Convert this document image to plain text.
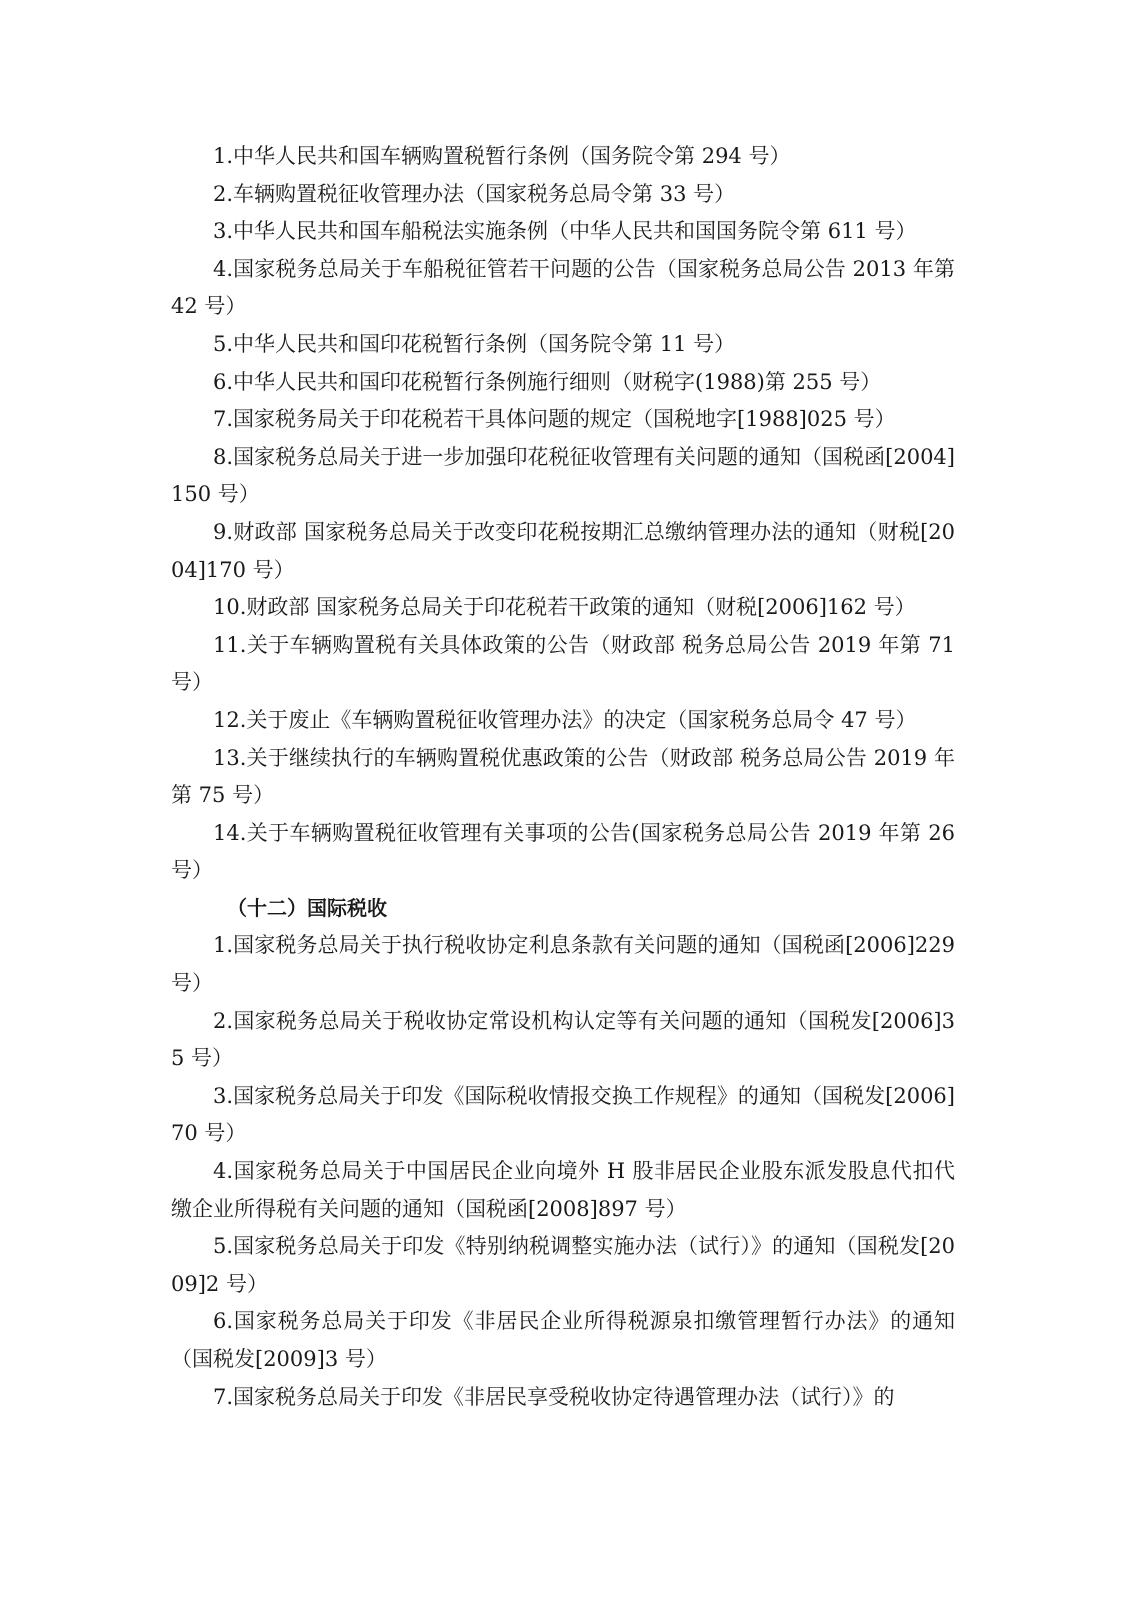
1.中华人民共和国车辆购置税暂行条例（国务院令第 294 号）

2.车辆购置税征收管理办法（国家税务总局令第 33 号）

3.中华人民共和国车船税法实施条例（中华人民共和国国务院令第 611 号）

4.国家税务总局关于车船税征管若干问题的公告（国家税务总局公告 2013 年第 42 号）

5.中华人民共和国印花税暂行条例（国务院令第 11 号）

6.中华人民共和国印花税暂行条例施行细则（财税字(1988)第 255 号）

7.国家税务局关于印花税若干具体问题的规定（国税地字[1988]025 号）

8.国家税务总局关于进一步加强印花税征收管理有关问题的通知（国税函[2004]150 号）

9.财政部 国家税务总局关于改变印花税按期汇总缴纳管理办法的通知（财税[2004]170 号）

10.财政部 国家税务总局关于印花税若干政策的通知（财税[2006]162 号）

11.关于车辆购置税有关具体政策的公告（财政部 税务总局公告 2019 年第 71 号）

12.关于废止《车辆购置税征收管理办法》的决定（国家税务总局令 47 号）

13.关于继续执行的车辆购置税优惠政策的公告（财政部 税务总局公告 2019 年第 75 号）

14.关于车辆购置税征收管理有关事项的公告(国家税务总局公告 2019 年第 26 号）

（十二）国际税收

1.国家税务总局关于执行税收协定利息条款有关问题的通知（国税函[2006]229 号）

2.国家税务总局关于税收协定常设机构认定等有关问题的通知（国税发[2006]35 号）

3.国家税务总局关于印发《国际税收情报交换工作规程》的通知（国税发[2006]70 号）

4.国家税务总局关于中国居民企业向境外 H 股非居民企业股东派发股息代扣代缴企业所得税有关问题的通知（国税函[2008]897 号）

5.国家税务总局关于印发《特别纳税调整实施办法（试行）》的通知（国税发[2009]2 号）

6.国家税务总局关于印发《非居民企业所得税源泉扣缴管理暂行办法》的通知（国税发[2009]3 号）

7.国家税务总局关于印发《非居民享受税收协定待遇管理办法（试行）》的
